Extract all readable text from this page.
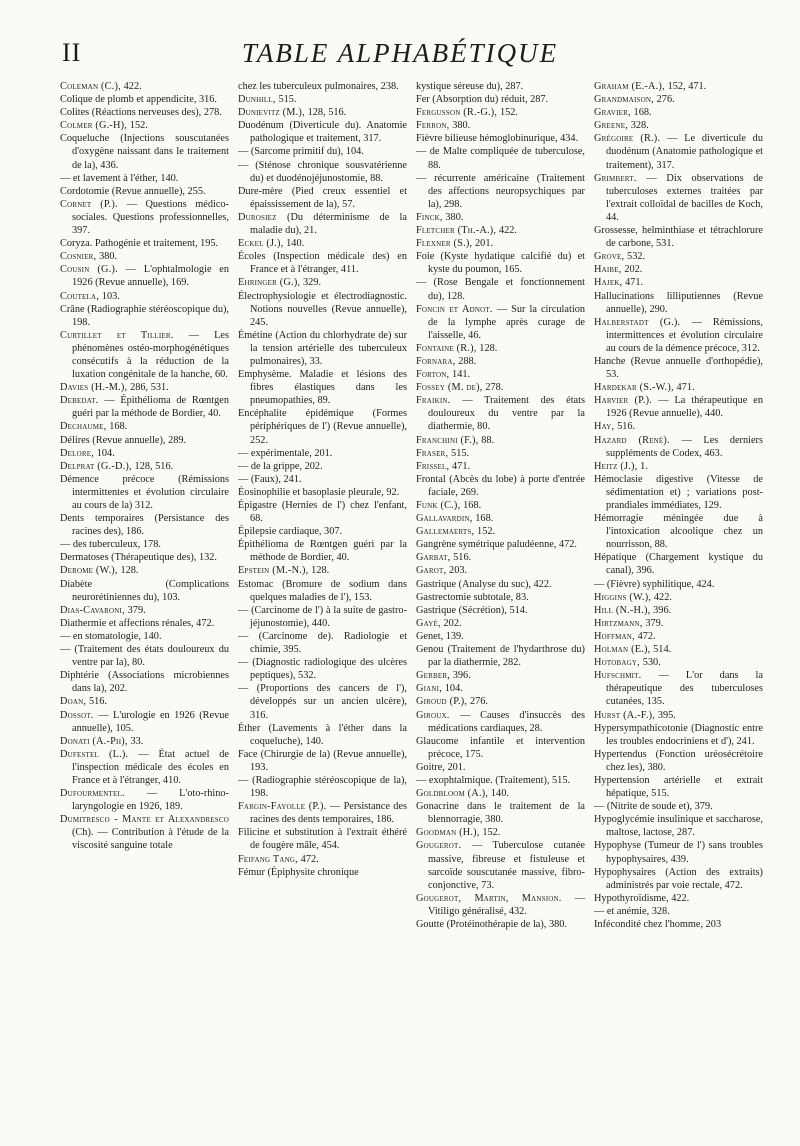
II	TABLE ALPHABÉTIQUE

Coleman (C.), 422.

Colique de plomb et appendicite, 316.

Colites (Réactions nerveuses des), 278.

Colmer (G.-H), 152.

Coqueluche (Injections souscutanées d'oxygène naissant dans le traitement de la), 436.

— et lavement à l'éther, 140.

Cordotomie (Revue annuelle), 255.

Cornet (P.). — Questions médico-sociales. Questions professionnelles, 397.

Coryza. Pathogénie et traitement, 195.

Cosnier, 380.

Cousin (G.). — L'ophtalmologie en 1926 (Revue annuelle), 169.

Coutela, 103.

Crâne (Radiographie stéréoscopique du), 198.

Curtillet et Tillier. — Les phénomènes ostéo-morphogénétiques consécutifs à la réduction de la luxation congénitale de la hanche, 60.

Davies (H.-M.), 286, 531.

Debedat. — Épithélioma de Rœntgen guéri par la méthode de Bordier, 40.

Dechaume, 168.

Délires (Revue annuelle), 289.

Delore, 104.

Delprat (G.-D.), 128, 516.

Démence précoce (Rémissions intermittentes et évolution circulaire au cours de la) 312.

Dents temporaires (Persistance des racines des), 186.

— des tuberculeux, 178.

Dermatoses (Thérapeutique des), 132.

Derome (W.), 128.

Diabète (Complications neurorétiniennes du), 103.

Dias-Cavaroni, 379.

Diathermie et affections rénales, 472.

— en stomatologie, 140.

— (Traitement des états douloureux du ventre par la), 80.

Diphtérie (Associations microbiennes dans la), 202.

Doan, 516.

Dossot. — L'urologie en 1926 (Revue annuelle), 105.

Donati (A.-Ph), 33.

Dufestel (L.). — État actuel de l'inspection médicale des écoles en France et à l'étranger, 410.

Dufourmentel. — L'oto-rhino-laryngologie en 1926, 189.

Dumitresco - Mante et Alexandresco (Ch). — Contribution à l'étude de la viscosité sanguine totale

chez les tuberculeux pulmonaires, 238.

Dunhill, 515.

Dunievitz (M.), 128, 516.

Duodénum (Diverticule du). Anatomie pathologique et traitement, 317.

— (Sarcome primitif du), 104.

— (Sténose chronique sousvatérienne du) et duodénojéjunostomie, 88.

Dure-mère (Pied creux essentiel et épaississement de la), 57.

Durosiez (Du déterminisme de la maladie du), 21.

Eckel (J.), 140.

Écoles (Inspection médicale des) en France et à l'étranger, 411.

Ehringer (G.), 329.

Électrophysiologie et électrodiagnostic. Notions nouvelles (Revue annuelle), 245.

Émétine (Action du chlorhydrate de) sur la tension artérielle des tuberculeux pulmonaires), 33.

Emphysème. Maladie et lésions des fibres élastiques dans les pneumopathies, 89.

Encéphalite épidémique (Formes périphériques de l') (Revue annuelle), 252.

— expérimentale, 201.

— de la grippe, 202.

— (Faux), 241.

Éosinophilie et basoplasie pleurale, 92.

Épigastre (Hernies de l') chez l'enfant, 68.

Épilepsie cardiaque, 307.

Épithélioma de Rœntgen guéri par la méthode de Bordier, 40.

Epstein (M.-N.), 128.

Estomac (Bromure de sodium dans quelques maladies de l'), 153.

— (Carcinome de l') à la suite de gastro-jéjunostomie), 440.

— (Carcinome de). Radiologie et chimie, 395.

— (Diagnostic radiologique des ulcères peptiques), 532.

— (Proportions des cancers de l'), développés sur un ancien ulcère), 316.

Éther (Lavements à l'éther dans la coqueluche), 140.

Face (Chirurgie de la) (Revue annuelle), 193.

— (Radiographie stéréoscopique de la), 198.

Fargin-Fayolle (P.). — Persistance des racines des dents temporaires, 186.

Filicine et substitution à l'extrait éthéré de fougère mâle, 454.

Feifang Tang, 472.

Fémur (Épiphysite chronique

kystique séreuse du), 287.

Fer (Absorption du) réduit, 287.

Fergusson (R.-G.), 152.

Ferron, 380.

Fièvre bilieuse hémoglobinurique, 434.

— de Malte compliquée de tuberculose, 88.

— récurrente américaine (Traitement des affections neuropsychiques par la), 298.

Finck, 380.

Fletcher (Th.-A.), 422.

Flexner (S.), 201.

Foie (Kyste hydatique calcifié du) et kyste du poumon, 165.

— (Rose Bengale et fonctionnement du), 128.

Foncin et Adnot. — Sur la circulation de la lymphe après curage de l'aisselle, 46.

Fontaine (R.), 128.

Fornara, 288.

Forton, 141.

Fossey (M. de), 278.

Fraikin. — Traitement des états douloureux du ventre par la diathermie, 80.

Franchini (F.), 88.

Fraser, 515.

Frissel, 471.

Frontal (Abcès du lobe) à porte d'entrée faciale, 269.

Funk (C.), 168.

Gallavardin, 168.

Gallemaerts, 152.

Gangrène symétrique paludéenne, 472.

Garbat, 516.

Garot, 203.

Gastrique (Analyse du suc), 422.

Gastrectomie subtotale, 83.

Gastrique (Sécrétion), 514.

Gayé, 202.

Genet, 139.

Genou (Traitement de l'hydarthrose du) par la diathermie, 282.

Gerber, 396.

Giani, 104.

Giroud (P.), 276.

Giroux. — Causes d'insuccès des médications cardiaques, 28.

Glaucome infantile et intervention précoce, 175.

Goitre, 201.

— exophtalmique. (Traitement), 515.

Goldbloom (A.), 140.

Gonacrine dans le traitement de la blennorragie, 380.

Goodman (H.), 152.

Gougerot. — Tuberculose cutanée massive, fibreuse et fistuleuse et sarcoïde souscutanée massive, fibro-conjonctive, 73.

Gougerot, Martin, Mansion. — Vitiligo généralisé, 432.

Goutte (Protéinothérapie de la), 380.

Graham (E.-A.), 152, 471.

Grandmaison, 276.

Gravier, 168.

Greene, 328.

Grégoire (R.). — Le diverticule du duodénum (Anatomie pathologique et traitement), 317.

Grimbert. — Dix observations de tuberculoses externes traitées par l'extrait colloïdal de bacilles de Koch, 44.

Grossesse, helminthiase et tétrachlorure de carbone, 531.

Grove, 532.

Haibe, 202.

Hajek, 471.

Hallucinations lilliputiennes (Revue annuelle), 290.

Halberstadt (G.). — Rémissions, intermittences et évolution circulaire au cours de la démence précoce, 312.

Hanche (Revue annuelle d'orthopédie), 53.

Hardekar (S.-W.), 471.

Harvier (P.). — La thérapeutique en 1926 (Revue annuelle), 440.

Hay, 516.

Hazard (René). — Les derniers suppléments de Codex, 463.

Heitz (J.), 1.

Hémoclasie digestive (Vitesse de sédimentation et) ; variations post-prandiales immédiates, 129.

Hémorragie méningée due à l'intoxication alcoolique chez un nourrisson, 88.

Hépatique (Chargement kystique du canal), 396.

— (Fièvre) syphilitique, 424.

Higgins (W.), 422.

Hill (N.-H.), 396.

Hirtzmann, 379.

Hoffman, 472.

Holman (E.), 514.

Hotobagy, 530.

Hufschmit. — L'or dans la thérapeutique des tuberculoses cutanées, 135.

Hurst (A.-F.), 395.

Hypersympathicotonie (Diagnostic entre les troubles endocriniens et d'), 241.

Hypertendus (Fonction uréosécrétoire chez les), 380.

Hypertension artérielle et extrait hépatique, 515.

— (Nitrite de soude et), 379.

Hypoglycémie insulinique et saccharose, maltose, lactose, 287.

Hypophyse (Tumeur de l') sans troubles hypophysaires, 439.

Hypophysaires (Action des extraits) administrés par voie rectale, 472.

Hypothyroïdisme, 422.

— et anémie, 328.

Infécondité chez l'homme, 203
